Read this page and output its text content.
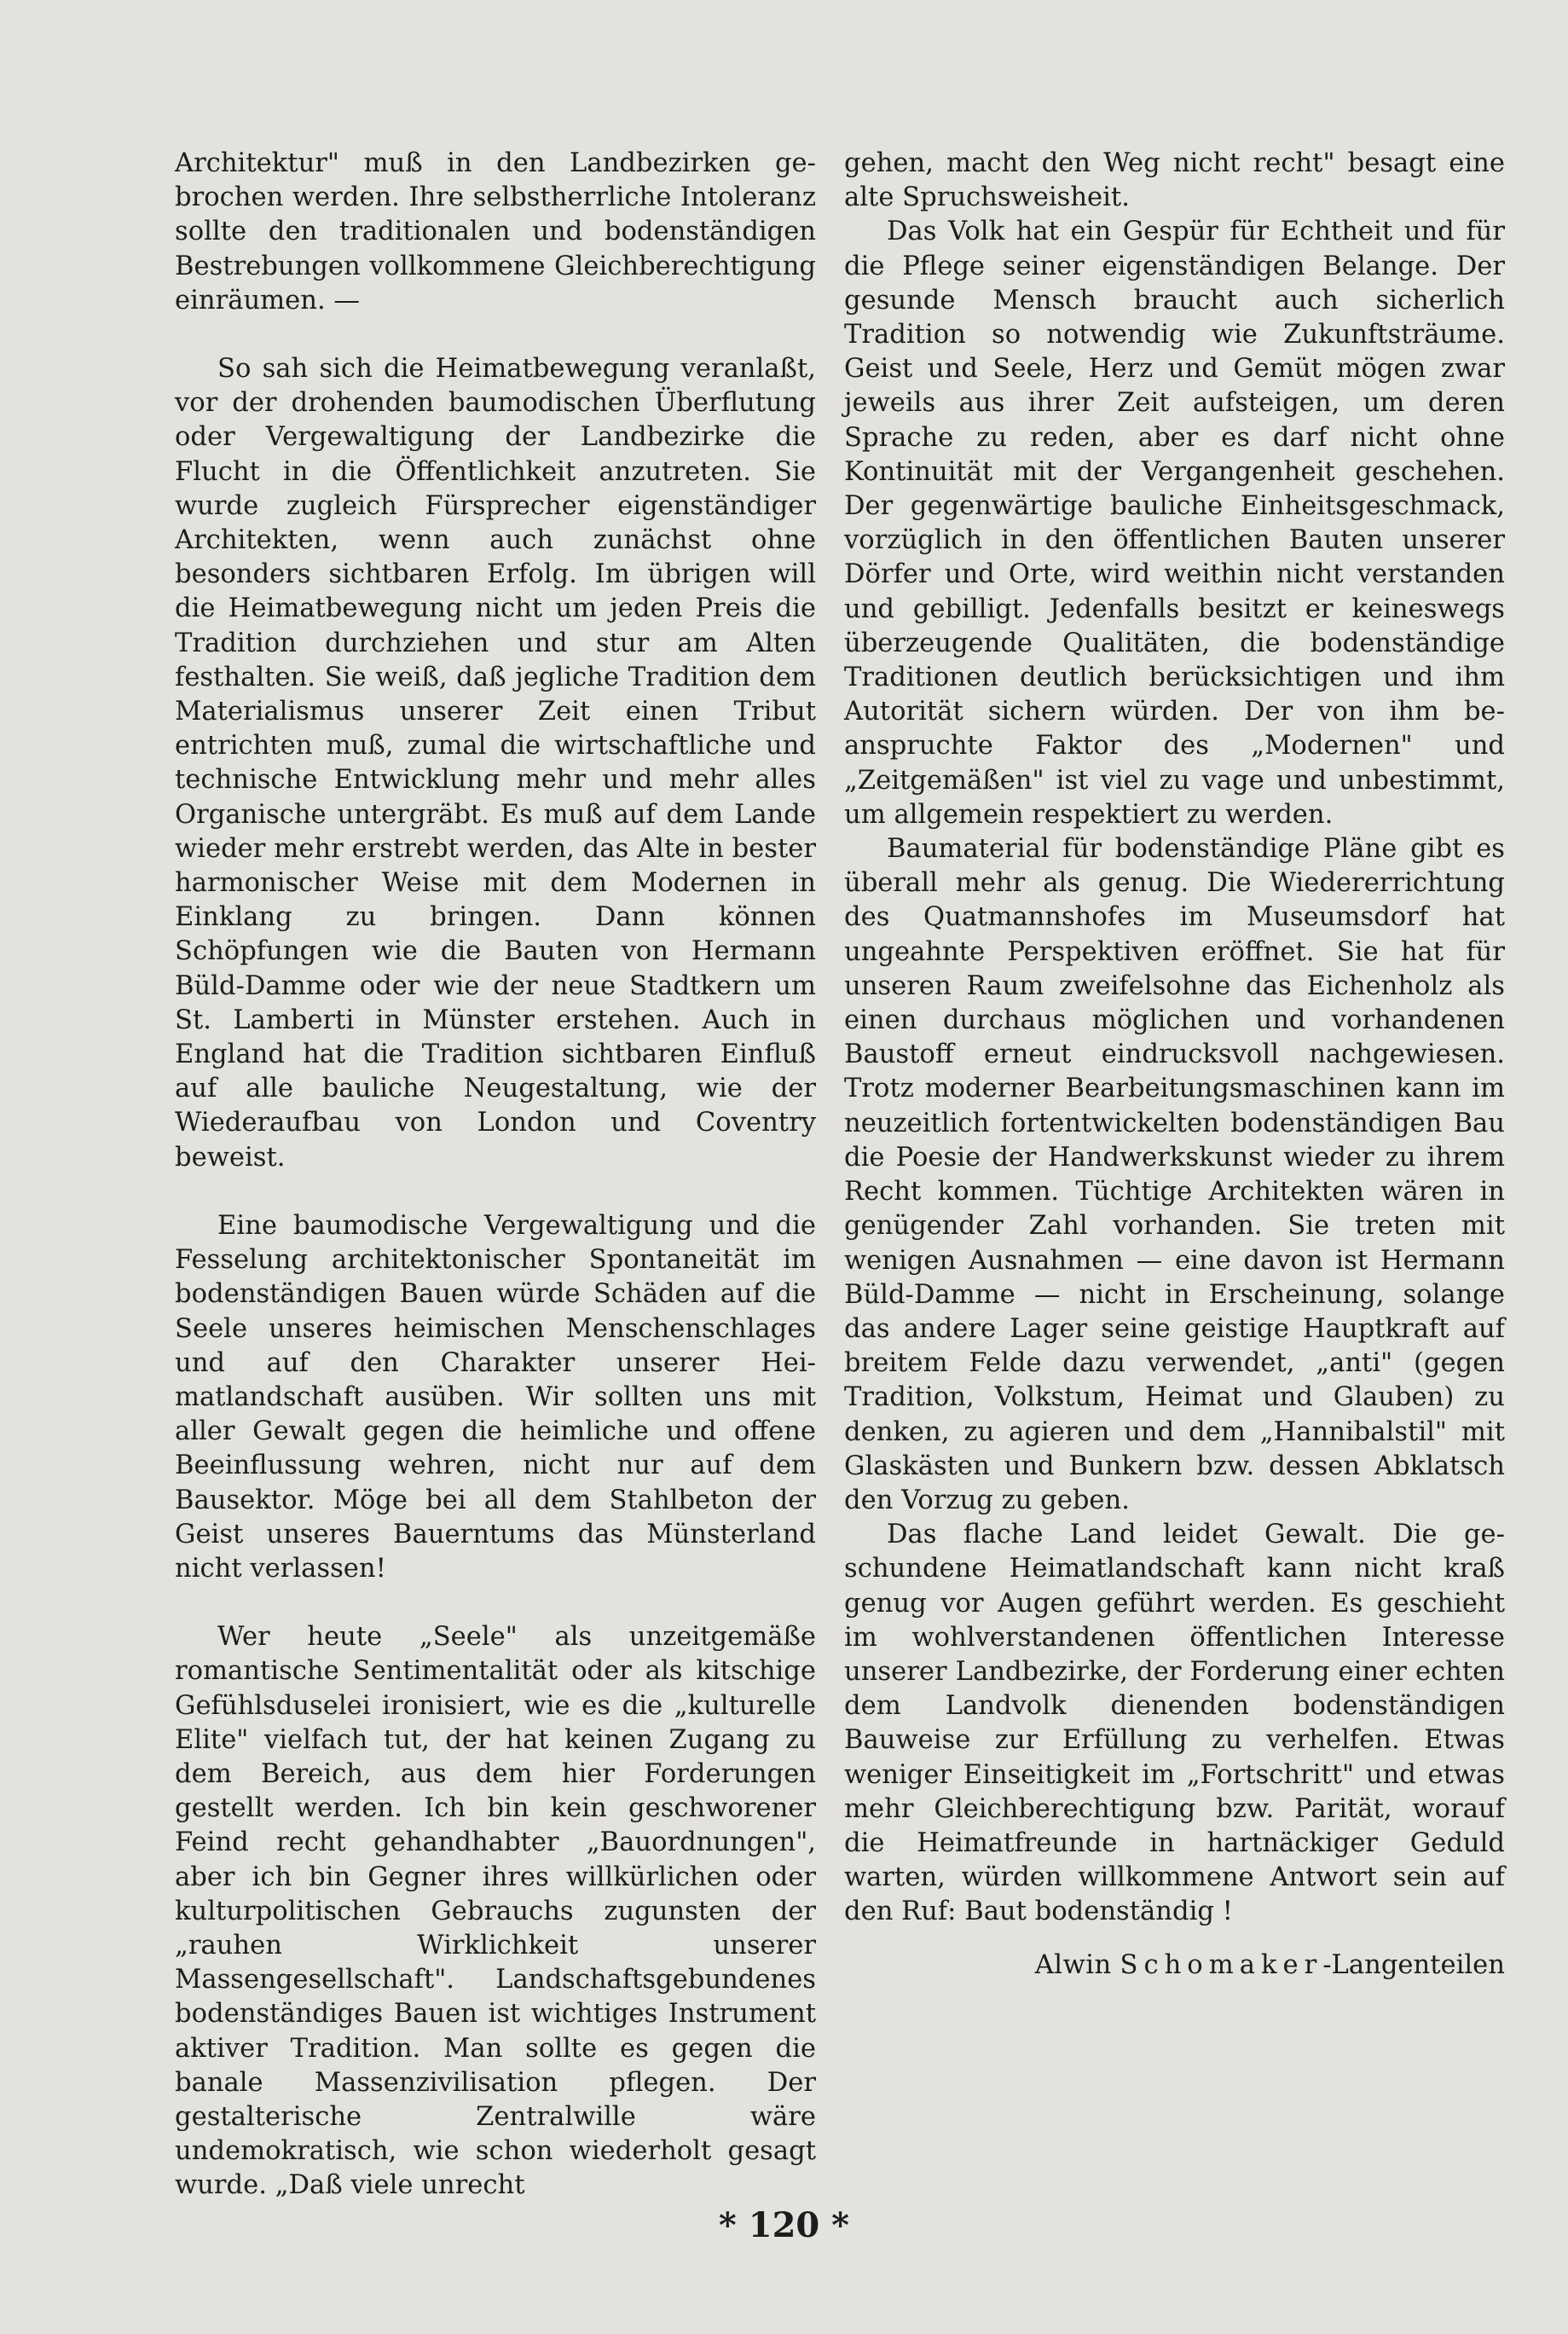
Architektur" muß in den Landbezirken gebrochen werden. Ihre selbstherrliche Intoleranz sollte den traditionalen und bodenständigen Bestrebungen vollkommene Gleichberechtigung einräumen. —

So sah sich die Heimatbewegung veranlaßt, vor der drohenden baumodischen Überflutung oder Vergewaltigung der Landbezirke die Flucht in die Öffentlichkeit anzutreten. Sie wurde zugleich Fürsprecher eigenständiger Architekten, wenn auch zunächst ohne besonders sichtbaren Erfolg. Im übrigen will die Heimatbewegung nicht um jeden Preis die Tradition durchziehen und stur am Alten festhalten. Sie weiß, daß jegliche Tradition dem Materialismus unserer Zeit einen Tribut entrichten muß, zumal die wirtschaftliche und technische Entwicklung mehr und mehr alles Organische untergräbt. Es muß auf dem Lande wieder mehr erstrebt werden, das Alte in bester harmonischer Weise mit dem Modernen in Einklang zu bringen. Dann können Schöpfungen wie die Bauten von Hermann Büld-Damme oder wie der neue Stadtkern um St. Lamberti in Münster erstehen. Auch in England hat die Tradition sichtbaren Einfluß auf alle bauliche Neugestaltung, wie der Wiederaufbau von London und Coventry beweist.

Eine baumodische Vergewaltigung und die Fesselung architektonischer Spontaneität im bodenständigen Bauen würde Schäden auf die Seele unseres heimischen Menschenschlages und auf den Charakter unserer Heimatlandschaft ausüben. Wir sollten uns mit aller Gewalt gegen die heimliche und offene Beeinflussung wehren, nicht nur auf dem Bausektor. Möge bei all dem Stahlbeton der Geist unseres Bauerntums das Münsterland nicht verlassen!

Wer heute „Seele" als unzeitgemäße romantische Sentimentalität oder als kitschige Gefühlsduselei ironisiert, wie es die „kulturelle Elite" vielfach tut, der hat keinen Zugang zu dem Bereich, aus dem hier Forderungen gestellt werden. Ich bin kein geschworener Feind recht gehandhabter „Bauordnungen", aber ich bin Gegner ihres willkürlichen oder kulturpolitischen Gebrauchs zugunsten der „rauhen Wirklichkeit unserer Massengesellschaft". Landschaftsgebundenes bodenständiges Bauen ist wichtiges Instrument aktiver Tradition. Man sollte es gegen die banale Massenzivilisation pflegen. Der gestalterische Zentralwille wäre undemokratisch, wie schon wiederholt gesagt wurde. „Daß viele unrecht

gehen, macht den Weg nicht recht" besagt eine alte Spruchsweisheit.

Das Volk hat ein Gespür für Echtheit und für die Pflege seiner eigenständigen Belange. Der gesunde Mensch braucht auch sicherlich Tradition so notwendig wie Zukunftsträume. Geist und Seele, Herz und Gemüt mögen zwar jeweils aus ihrer Zeit aufsteigen, um deren Sprache zu reden, aber es darf nicht ohne Kontinuität mit der Vergangenheit geschehen. Der gegenwärtige bauliche Einheitsgeschmack, vorzüglich in den öffentlichen Bauten unserer Dörfer und Orte, wird weithin nicht verstanden und gebilligt. Jedenfalls besitzt er keineswegs überzeugende Qualitäten, die bodenständige Traditionen deutlich berücksichtigen und ihm Autorität sichern würden. Der von ihm beanspruchte Faktor des „Modernen" und „Zeitgemäßen" ist viel zu vage und unbestimmt, um allgemein respektiert zu werden.

Baumaterial für bodenständige Pläne gibt es überall mehr als genug. Die Wiedererrichtung des Quatmannshofes im Museumsdorf hat ungeahnte Perspektiven eröffnet. Sie hat für unseren Raum zweifelsohne das Eichenholz als einen durchaus möglichen und vorhandenen Baustoff erneut eindrucksvoll nachgewiesen. Trotz moderner Bearbeitungsmaschinen kann im neuzeitlich fortentwickelten bodenständigen Bau die Poesie der Handwerkskunst wieder zu ihrem Recht kommen. Tüchtige Architekten wären in genügender Zahl vorhanden. Sie treten mit wenigen Ausnahmen — eine davon ist Hermann Büld-Damme — nicht in Erscheinung, solange das andere Lager seine geistige Hauptkraft auf breitem Felde dazu verwendet, „anti" (gegen Tradition, Volkstum, Heimat und Glauben) zu denken, zu agieren und dem „Hannibalstil" mit Glaskästen und Bunkern bzw. dessen Abklatsch den Vorzug zu geben.

Das flache Land leidet Gewalt. Die geschundene Heimatlandschaft kann nicht kraß genug vor Augen geführt werden. Es geschieht im wohlverstandenen öffentlichen Interesse unserer Landbezirke, der Forderung einer echten dem Landvolk dienenden bodenständigen Bauweise zur Erfüllung zu verhelfen. Etwas weniger Einseitigkeit im „Fortschritt" und etwas mehr Gleichberechtigung bzw. Parität, worauf die Heimatfreunde in hartnäckiger Geduld warten, würden willkommene Antwort sein auf den Ruf: Baut bodenständig !

Alwin Schomaker-Langenteilen
* 120 *
